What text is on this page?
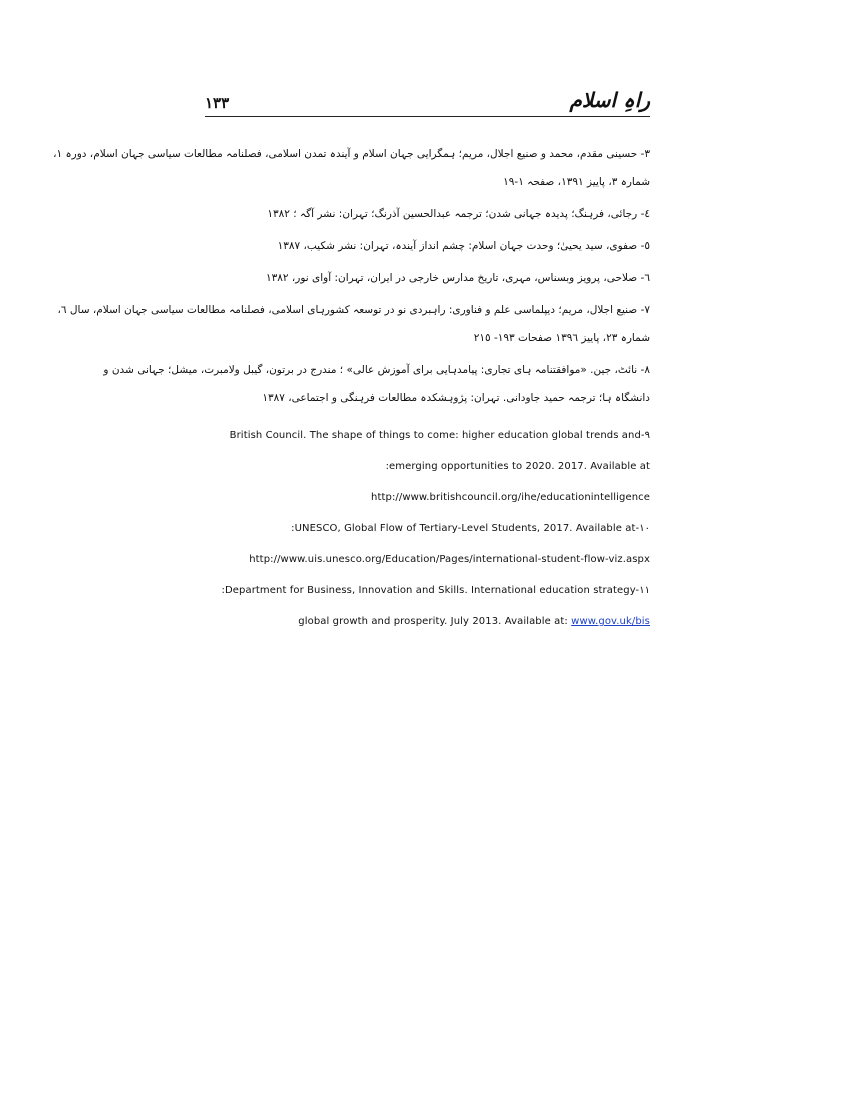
١٣٣	راہِ اسلام
٣- حسینی مقدم، محمد و صنیع اجلال، مریم؛ ہمگرایی جہان اسلام و آیندہ تمدن اسلامی، فصلنامہ مطالعات سیاسی جہان اسلام، دورہ ١،
شمارہ ٣، پاییز ١٣٩١، صفحہ ١-١٩
٤- رجائی، فرہنگ؛ پدیدہ جہانی شدن؛ ترجمہ عبدالحسین آذرنگ؛ تہران: نشر آگہ ؛ ١٣٨٢
٥- صفوی، سید یحییٰ؛ وحدت جہان اسلام: چشم انداز آیندہ، تہران: نشر شکیب، ١٣٨٧
٦- صلاحی، پرویز وبسناس، مہری، تاریخ مدارس خارجی در ایران، تہران: آوای نور، ١٣٨٢
٧- صنیع اجلال، مریم؛ دیپلماسی علم و فناوری: راہبردی نو در توسعہ کشورہای اسلامی، فصلنامہ مطالعات سیاسی جہان اسلام، سال ٦،
شمارہ ٢٣، پاییز ١٣٩٦ صفحات ١٩٣- ٢١٥
٨- نائٹ، جین. «موافقتنامہ ہای تجاری: پیامدہایی برای آموزش عالی» ؛ مندرج در برتون، گیبل ولامبرت، میشل؛ جہانی شدن و
دانشگاہ ہا؛ ترجمہ حمید جاودانی. تہران: پژوہشکدہ مطالعات فرہنگی و اجتماعی، ١٣٨٧
British Council. The shape of things to come: higher education global trends and-٩
:emerging opportunities to 2020. 2017. Available at
http://www.britishcouncil.org/ihe/educationintelligence
:UNESCO, Global Flow of Tertiary-Level Students, 2017. Available at-١٠
http://www.uis.unesco.org/Education/Pages/international-student-flow-viz.aspx
:Department for Business, Innovation and Skills. International education strategy-١١
global growth and prosperity. July 2013. Available at: www.gov.uk/bis
